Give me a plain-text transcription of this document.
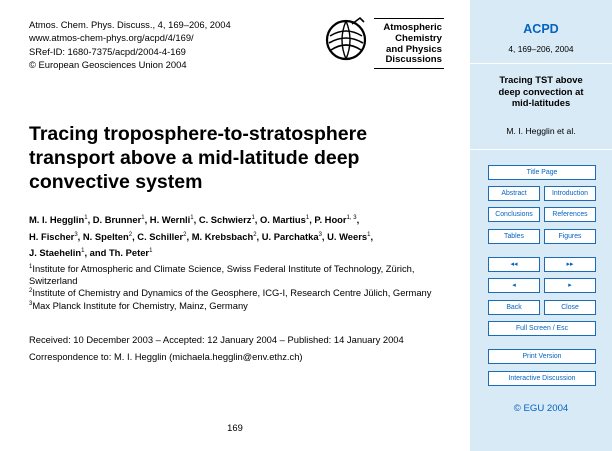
Atmos. Chem. Phys. Discuss., 4, 169–206, 2004
www.atmos-chem-phys.org/acpd/4/169/
SRef-ID: 1680-7375/acpd/2004-4-169
© European Geosciences Union 2004
Atmospheric
Chemistry
and Physics
Discussions
Tracing troposphere-to-stratosphere
transport above a mid-latitude deep
convective system
M. I. Hegglin$^1$, D. Brunner$^1$, H. Wernli$^1$, C. Schwierz$^1$, O. Martius$^1$, P. Hoor$^{1, 3}$,
H. Fischer$^3$, N. Spelten$^2$, C. Schiller$^2$, M. Krebsbach$^2$, U. Parchatka$^3$, U. Weers$^1$,
J. Staehelin$^1$, and Th. Peter$^1$
$^1$Institute for Atmospheric and Climate Science, Swiss Federal Institute of Technology, Zürich, Switzerland
$^2$Institute of Chemistry and Dynamics of the Geosphere, ICG-I, Research Centre Jülich, Germany
$^3$Max Planck Institute for Chemistry, Mainz, Germany
Received: 10 December 2003 – Accepted: 12 January 2004 – Published: 14 January 2004
Correspondence to: M. I. Hegglin (michaela.hegglin@env.ethz.ch)
169
ACPD
4, 169–206, 2004
Tracing TST above
deep convection at
mid-latitudes
M. I. Hegglin et al.
Title Page
Abstract	Introduction
Conclusions	References
Tables	Figures
◂◂	▸▸
◂	▸
Back	Close
Full Screen / Esc
Print Version
Interactive Discussion
© EGU 2004
